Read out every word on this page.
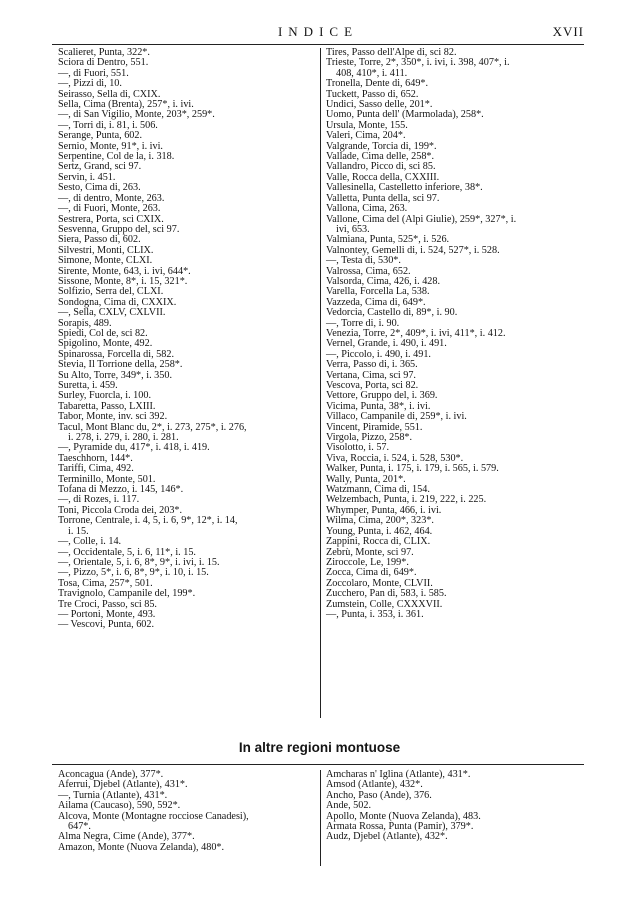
INDICE	XVII
Scalieret, Punta, 322*.
Sciora di Dentro, 551.
—, di Fuori, 551.
—, Pizzi di, 10.
Seirasso, Sella di, CXIX.
Sella, Cima (Brenta), 257*, i. ivi.
—, di San Vigilio, Monte, 203*, 259*.
—, Torri di, i. 81, i. 506.
Serange, Punta, 602.
Sernio, Monte, 91*, i. ivi.
Serpentine, Col de la, i. 318.
Sertz, Grand, sci 97.
Servin, i. 451.
Sesto, Cima di, 263.
—, di dentro, Monte, 263.
—, di Fuori, Monte, 263.
Sestrera, Porta, sci CXIX.
Sesvenna, Gruppo del, sci 97.
Siera, Passo di, 602.
Silvestri, Monti, CLIX.
Simone, Monte, CLXI.
Sirente, Monte, 643, i. ivi, 644*.
Sissone, Monte, 8*, i. 15, 321*.
Solfizio, Serra del, CLXI.
Sondogna, Cima di, CXXIX.
—, Sella, CXLV, CXLVII.
Sorapis, 489.
Spiedi, Col de, sci 82.
Spigolino, Monte, 492.
Spinarossa, Forcella di, 582.
Stevia, Il Torrione della, 258*.
Su Alto, Torre, 349*, i. 350.
Suretta, i. 459.
Surley, Fuorcla, i. 100.
Tabaretta, Passo, LXIII.
Tabor, Monte, inv. sci 392.
Tacul, Mont Blanc du, 2*, i. 273, 275*, i. 276,
i. 278, i. 279, i. 280, i. 281.
—, Pyramide du, 417*, i. 418, i. 419.
Taeschhorn, 144*.
Tariffi, Cima, 492.
Terminillo, Monte, 501.
Tofana di Mezzo, i. 145, 146*.
—, di Rozes, i. 117.
Toni, Piccola Croda dei, 203*.
Torrone, Centrale, i. 4, 5, i. 6, 9*, 12*, i. 14,
i. 15.
—, Colle, i. 14.
—, Occidentale, 5, i. 6, 11*, i. 15.
—, Orientale, 5, i. 6, 8*, 9*, i. ivi, i. 15.
—, Pizzo, 5*, i. 6, 8*, 9*, i. 10, i. 15.
Tosa, Cima, 257*, 501.
Travignolo, Campanile del, 199*.
Tre Croci, Passo, sci 85.
— Portoni, Monte, 493.
— Vescovi, Punta, 602.
Tires, Passo dell'Alpe di, sci 82.
Trieste, Torre, 2*, 350*, i. ivi, i. 398, 407*, i.
408, 410*, i. 411.
Tronella, Dente di, 649*.
Tuckett, Passo di, 652.
Undici, Sasso delle, 201*.
Uomo, Punta dell' (Marmolada), 258*.
Ursula, Monte, 155.
Valeri, Cima, 204*.
Valgrande, Torcia di, 199*.
Vallade, Cima delle, 258*.
Vallandro, Picco di, sci 85.
Valle, Rocca della, CXXIII.
Vallesinella, Castelletto inferiore, 38*.
Valletta, Punta della, sci 97.
Vallona, Cima, 263.
Vallone, Cima del (Alpi Giulie), 259*, 327*, i.
ivi, 653.
Valmiana, Punta, 525*, i. 526.
Valnontey, Gemelli di, i. 524, 527*, i. 528.
—, Testa di, 530*.
Valrossa, Cima, 652.
Valsorda, Cima, 426, i. 428.
Varella, Forcella La, 538.
Vazzeda, Cima di, 649*.
Vedorcia, Castello di, 89*, i. 90.
—, Torre di, i. 90.
Venezia, Torre, 2*, 409*, i. ivi, 411*, i. 412.
Vernel, Grande, i. 490, i. 491.
—, Piccolo, i. 490, i. 491.
Verra, Passo di, i. 365.
Vertana, Cima, sci 97.
Vescova, Porta, sci 82.
Vettore, Gruppo del, i. 369.
Vicima, Punta, 38*, i. ivi.
Villaco, Campanile di, 259*, i. ivi.
Vincent, Piramide, 551.
Virgola, Pizzo, 258*.
Visolotto, i. 57.
Viva, Roccia, i. 524, i. 528, 530*.
Walker, Punta, i. 175, i. 179, i. 565, i. 579.
Wally, Punta, 201*.
Watzmann, Cima di, 154.
Welzembach, Punta, i. 219, 222, i. 225.
Whymper, Punta, 466, i. ivi.
Wilma, Cima, 200*, 323*.
Young, Punta, i. 462, 464.
Zappini, Rocca di, CLIX.
Zebrù, Monte, sci 97.
Ziroccole, Le, 199*.
Zocca, Cima di, 649*.
Zoccolaro, Monte, CLVII.
Zucchero, Pan di, 583, i. 585.
Zumstein, Colle, CXXXVII.
—, Punta, i. 353, i. 361.
In altre regioni montuose
Aconcagua (Ande), 377*.
Aferrui, Djebel (Atlante), 431*.
—, Turnia (Atlante), 431*.
Ailama (Caucaso), 590, 592*.
Alcova, Monte (Montagne rocciose Canadesi),
647*.
Alma Negra, Cime (Ande), 377*.
Amazon, Monte (Nuova Zelanda), 480*.
Amcharas n' Iglina (Atlante), 431*.
Amsod (Atlante), 432*.
Ancho, Paso (Ande), 376.
Ande, 502.
Apollo, Monte (Nuova Zelanda), 483.
Armata Rossa, Punta (Pamir), 379*.
Audz, Djebel (Atlante), 432*.
